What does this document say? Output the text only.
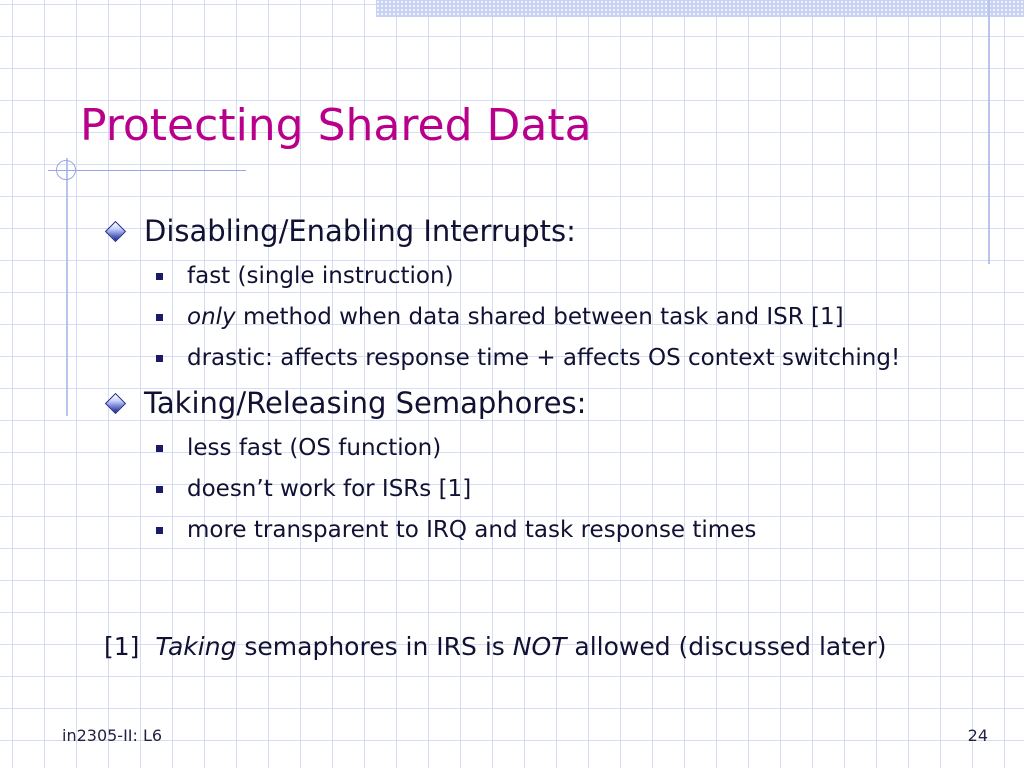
Protecting Shared Data
Disabling/Enabling Interrupts:
fast (single instruction)
only method when data shared between task and ISR [1]
drastic: affects response time + affects OS context switching!
Taking/Releasing Semaphores:
less fast (OS function)
doesn’t work for ISRs [1]
more transparent to IRQ and task response times
[1] Taking semaphores in IRS is NOT allowed (discussed later)
in2305-II: L6	24
